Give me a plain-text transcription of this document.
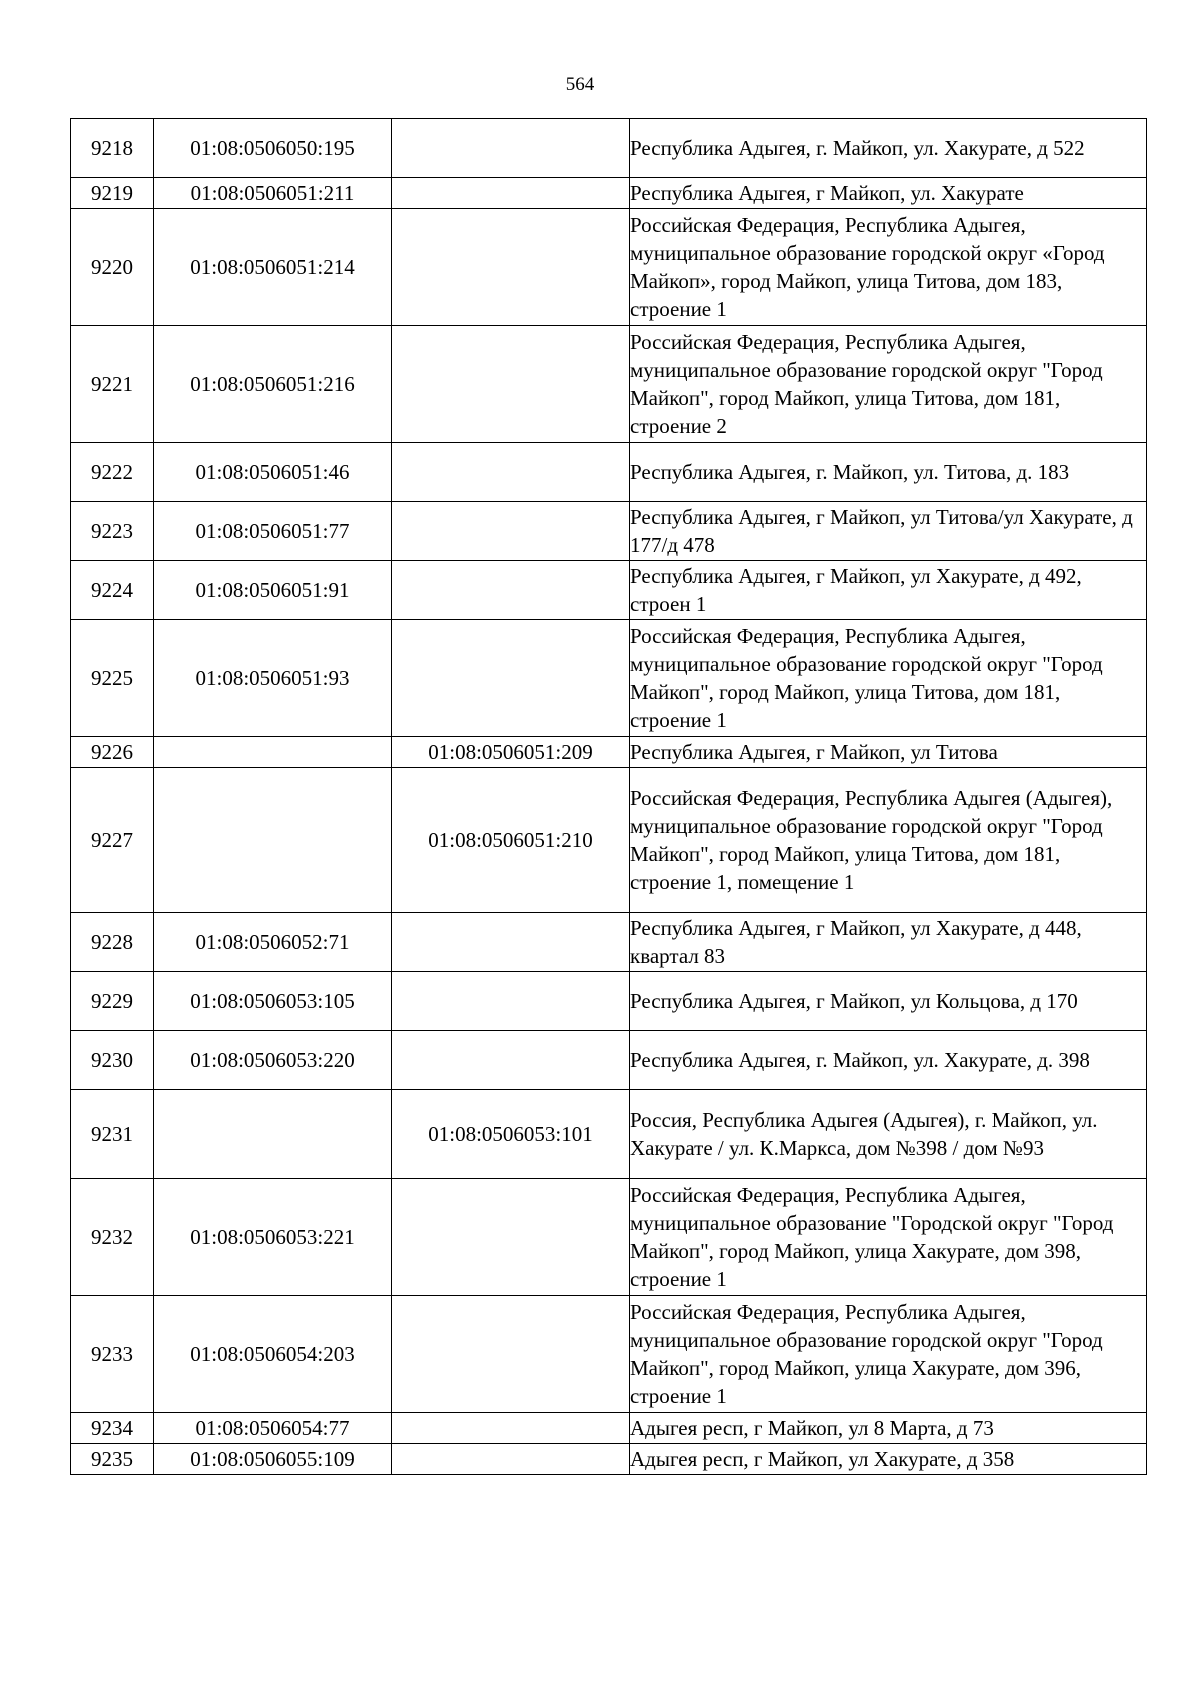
564
9218	01:08:0506050:195		Республика Адыгея, г. Майкоп, ул. Хакурате, д 522
9219	01:08:0506051:211		Республика Адыгея, г Майкоп, ул. Хакурате
9220	01:08:0506051:214		Российская Федерация, Республика Адыгея, муниципальное образование городской округ «Город Майкоп», город Майкоп, улица Титова, дом 183, строение 1
9221	01:08:0506051:216		Российская Федерация, Республика Адыгея, муниципальное образование городской округ "Город Майкоп", город Майкоп, улица Титова, дом 181, строение 2
9222	01:08:0506051:46		Республика Адыгея, г. Майкоп, ул. Титова, д. 183
9223	01:08:0506051:77		Республика Адыгея, г Майкоп, ул Титова/ул Хакурате, д 177/д 478
9224	01:08:0506051:91		Республика Адыгея, г Майкоп, ул Хакурате, д 492, строен 1
9225	01:08:0506051:93		Российская Федерация, Республика Адыгея, муниципальное образование городской округ "Город Майкоп", город Майкоп, улица Титова, дом 181, строение 1
9226		01:08:0506051:209	Республика Адыгея, г Майкоп, ул Титова
9227		01:08:0506051:210	Российская Федерация, Республика Адыгея (Адыгея), муниципальное образование городской округ "Город Майкоп", город Майкоп, улица Титова, дом 181, строение 1, помещение 1
9228	01:08:0506052:71		Республика Адыгея, г Майкоп, ул Хакурате, д 448, квартал 83
9229	01:08:0506053:105		Республика Адыгея, г Майкоп, ул Кольцова, д 170
9230	01:08:0506053:220		Республика Адыгея, г. Майкоп, ул. Хакурате, д. 398
9231		01:08:0506053:101	Россия, Республика Адыгея (Адыгея), г. Майкоп, ул. Хакурате / ул. К.Маркса, дом №398 / дом №93
9232	01:08:0506053:221		Российская Федерация, Республика Адыгея, муниципальное образование "Городской округ "Город Майкоп", город Майкоп, улица Хакурате, дом 398, строение 1
9233	01:08:0506054:203		Российская Федерация, Республика Адыгея, муниципальное образование городской округ "Город Майкоп", город Майкоп, улица Хакурате, дом 396, строение 1
9234	01:08:0506054:77		Адыгея респ, г Майкоп, ул 8 Марта, д 73
9235	01:08:0506055:109		Адыгея респ, г Майкоп, ул Хакурате, д 358
